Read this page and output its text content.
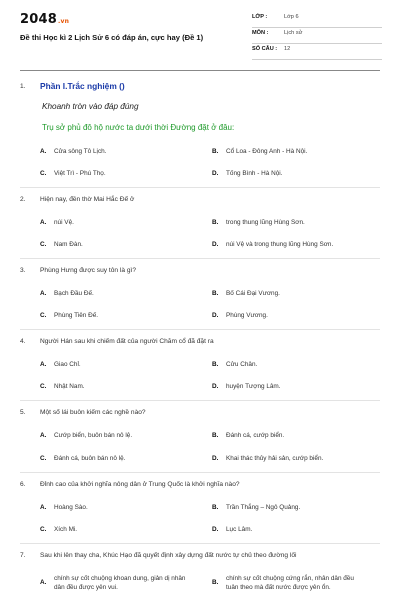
2048.vn
Đề thi Học kì 2 Lịch Sử 6 có đáp án, cực hay (Đề 1)
LỚP :	Lớp 6
MÔN :	Lịch sử
SỐ CÂU : 12
1. Phần I.Trắc nghiệm ()
Khoanh tròn vào đáp đúng
Trụ sở phủ đô hộ nước ta dưới thời Đường đặt ở đâu:
A. Cửa sông Tô Lịch.	B. Cổ Loa - Đông Anh - Hà Nội.
C. Việt Trì - Phú Thọ.	D. Tống Bình - Hà Nội.
2. Hiện nay, đền thờ Mai Hắc Đế ở
A. núi Vệ.	B. trong thung lũng Hùng Sơn.
C. Nam Đàn.	D. núi Vệ và trong thung lũng Hùng Sơn.
3. Phùng Hưng được suy tôn là gì?
A. Bạch Đầu Đế.	B. Bố Cái Đại Vương.
C. Phùng Tiên Đế.	D. Phùng Vương.
4. Người Hán sau khi chiếm đất của người Chăm cổ đã đặt ra
A. Giao Chỉ.	B. Cửu Chân.
C. Nhật Nam.	D. huyện Tượng Lâm.
5. Một số lái buôn kiếm các nghề nào?
A. Cướp biển, buôn bán nô lệ.	B. Đánh cá, cướp biển.
C. Đánh cá, buôn bán nô lệ.	D. Khai thác thủy hải sản, cướp biển.
6. Đỉnh cao của khởi nghĩa nông dân ở Trung Quốc là khởi nghĩa nào?
A. Hoàng Sào.	B. Trần Thắng – Ngô Quảng.
C. Xích Mi.	D. Lục Lâm.
7. Sau khi lên thay cha, Khúc Hạo đã quyết định xây dựng đất nước tự chủ theo đường lối
A.
chính sự cốt chuộng khoan dung, giản dị nhân dân đều được yên vui.
B.
chính sự cốt chuộng cứng rắn, nhân dân đều tuân theo mà đất nước được yên ổn.
